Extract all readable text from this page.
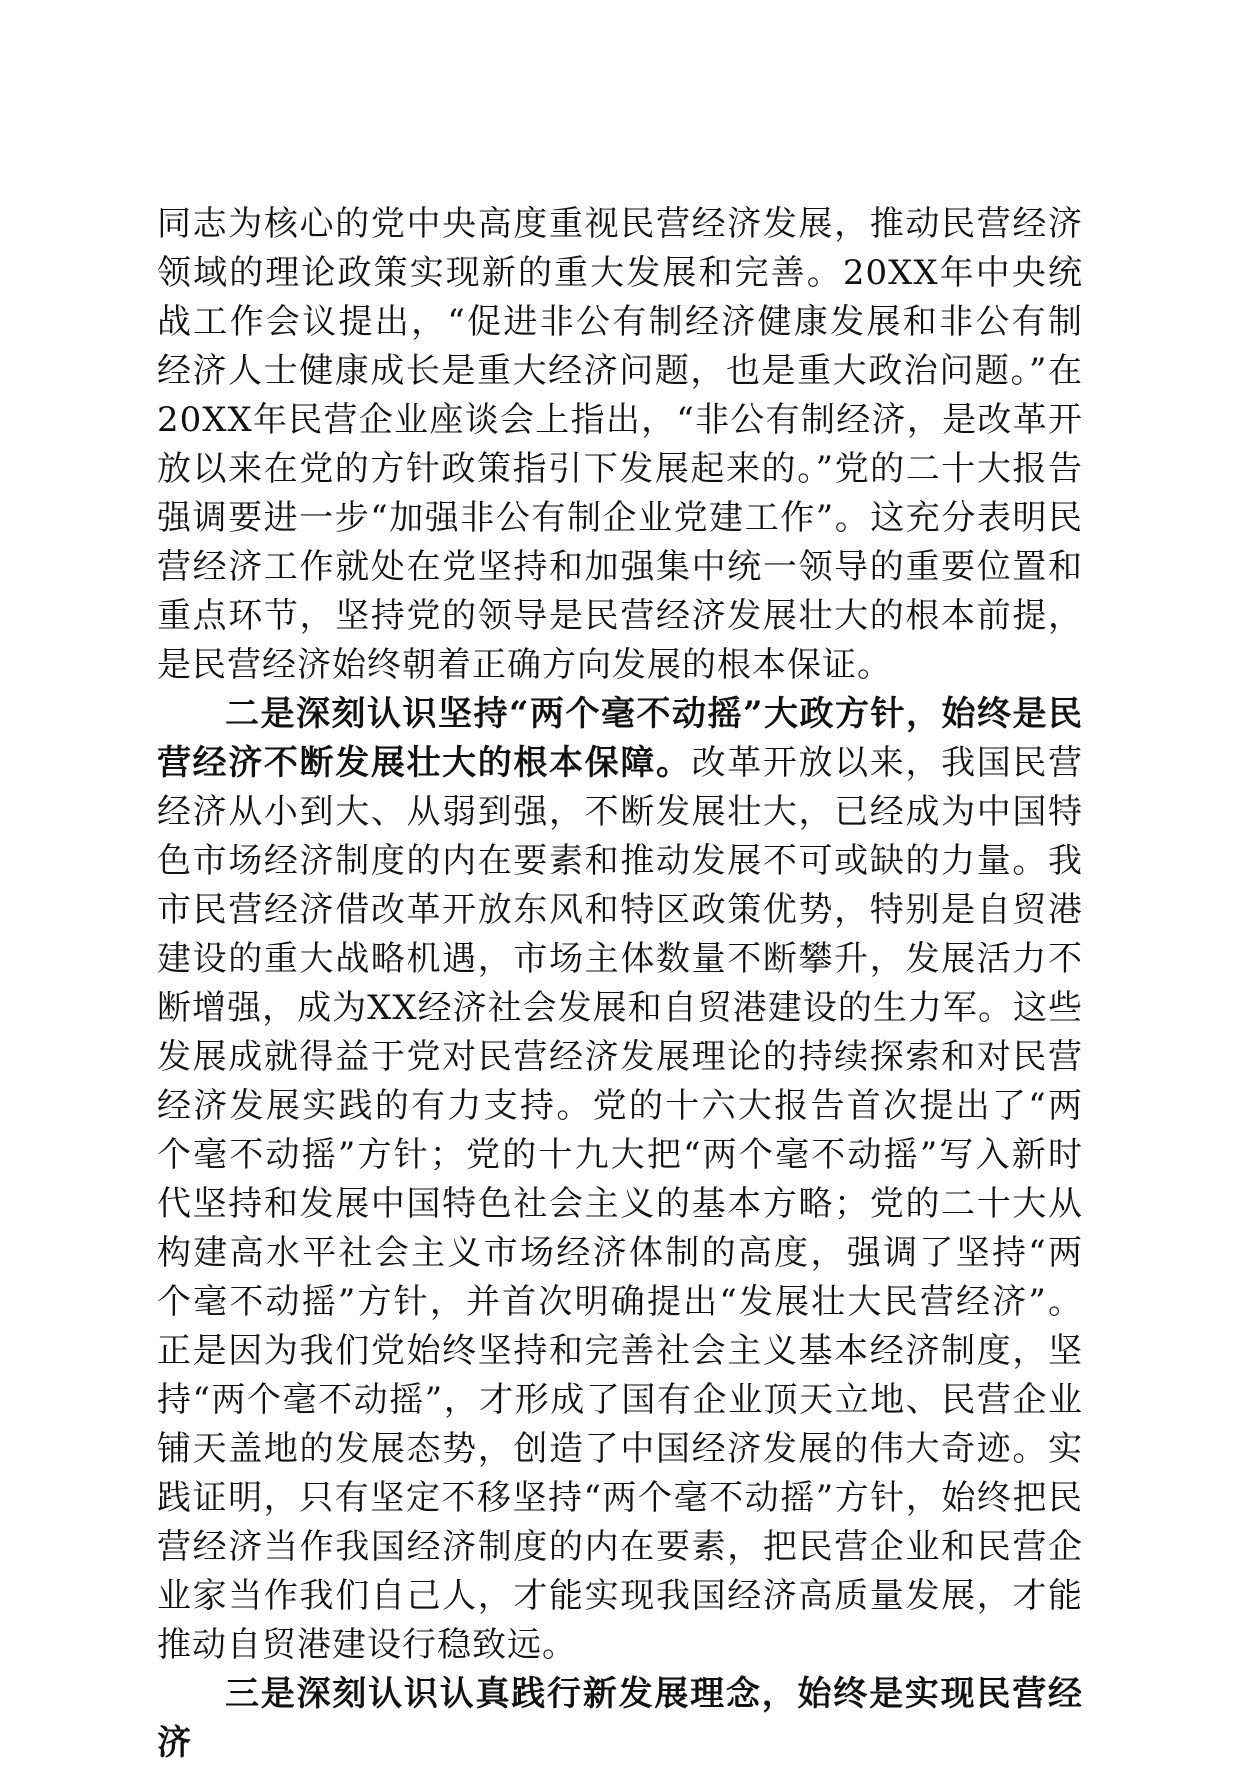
同志为核心的党中央高度重视民营经济发展，推动民营经济领域的理论政策实现新的重大发展和完善。20XX年中央统战工作会议提出，“促进非公有制经济健康发展和非公有制经济人士健康成长是重大经济问题，也是重大政治问题。”在20XX年民营企业座谈会上指出，“非公有制经济，是改革开放以来在党的方针政策指引下发展起来的。”党的二十大报告强调要进一步“加强非公有制企业党建工作”。这充分表明民营经济工作就处在党坚持和加强集中统一领导的重要位置和重点环节，坚持党的领导是民营经济发展壮大的根本前提，是民营经济始终朝着正确方向发展的根本保证。

二是深刻认识坚持“两个毫不动摇”大政方针，始终是民营经济不断发展壮大的根本保障。改革开放以来，我国民营经济从小到大、从弱到强，不断发展壮大，已经成为中国特色市场经济制度的内在要素和推动发展不可或缺的力量。我市民营经济借改革开放东风和特区政策优势，特别是自贸港建设的重大战略机遇，市场主体数量不断攀升，发展活力不断增强，成为XX经济社会发展和自贸港建设的生力军。这些发展成就得益于党对民营经济发展理论的持续探索和对民营经济发展实践的有力支持。党的十六大报告首次提出了“两个毫不动摇”方针；党的十九大把“两个毫不动摇”写入新时代坚持和发展中国特色社会主义的基本方略；党的二十大从构建高水平社会主义市场经济体制的高度，强调了坚持“两个毫不动摇”方针，并首次明确提出“发展壮大民营经济”。正是因为我们党始终坚持和完善社会主义基本经济制度，坚持“两个毫不动摇”，才形成了国有企业顶天立地、民营企业铺天盖地的发展态势，创造了中国经济发展的伟大奇迹。实践证明，只有坚定不移坚持“两个毫不动摇”方针，始终把民营经济当作我国经济制度的内在要素，把民营企业和民营企业家当作我们自己人，才能实现我国经济高质量发展，才能推动自贸港建设行稳致远。

三是深刻认识认真践行新发展理念，始终是实现民营经济
